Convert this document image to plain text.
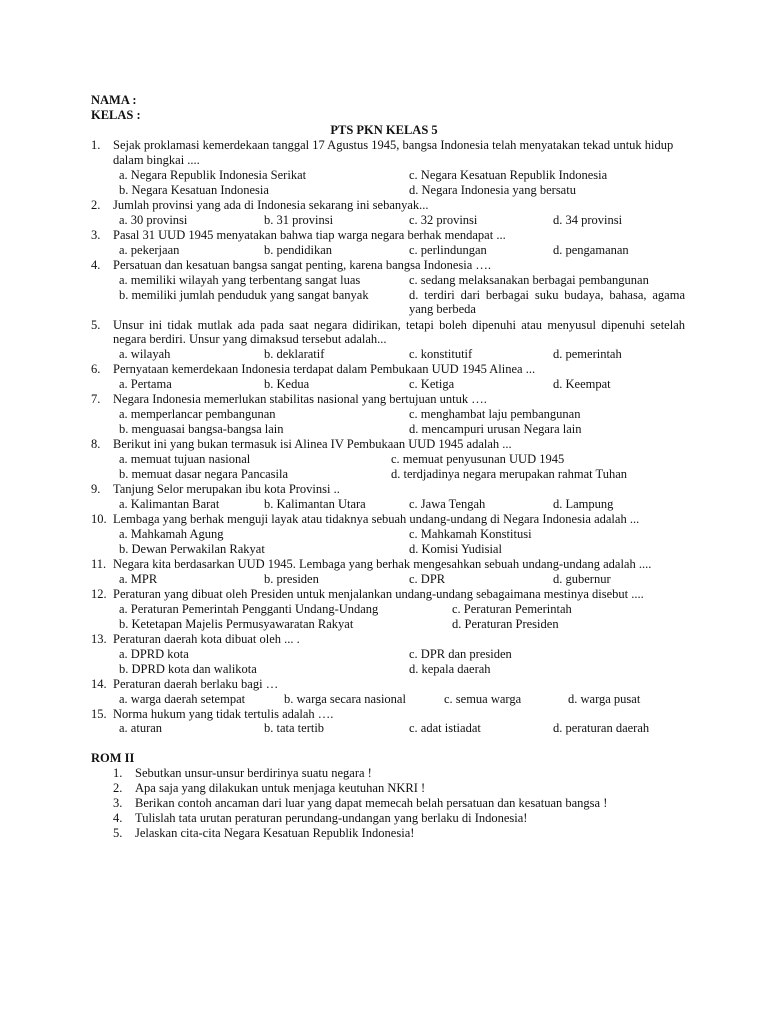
NAMA :
KELAS :
PTS PKN KELAS 5
1. Sejak proklamasi kemerdekaan tanggal 17 Agustus 1945, bangsa Indonesia telah menyatakan tekad untuk hidup dalam bingkai ....
a. Negara Republik Indonesia Serikat	c. Negara Kesatuan Republik Indonesia
b. Negara Kesatuan Indonesia	d. Negara Indonesia yang bersatu
2. Jumlah provinsi yang ada di Indonesia sekarang ini sebanyak...
a. 30 provinsi	b. 31 provinsi	c. 32 provinsi	d. 34 provinsi
3. Pasal 31 UUD 1945 menyatakan bahwa tiap warga negara berhak mendapat ...
a. pekerjaan	b. pendidikan	c. perlindungan	d. pengamanan
4. Persatuan dan kesatuan bangsa sangat penting, karena bangsa Indonesia ….
a. memiliki wilayah yang terbentang sangat luas	c. sedang melaksanakan berbagai pembangunan
b. memiliki jumlah penduduk yang sangat banyak	d. terdiri dari berbagai suku budaya, bahasa, agama yang berbeda
5. Unsur ini tidak mutlak ada pada saat negara didirikan, tetapi boleh dipenuhi atau menyusul dipenuhi setelah negara berdiri. Unsur yang dimaksud tersebut adalah...
a. wilayah	b. deklaratif	c. konstitutif	d. pemerintah
6. Pernyataan kemerdekaan Indonesia terdapat dalam Pembukaan UUD 1945 Alinea ...
a. Pertama	b. Kedua	c. Ketiga	d. Keempat
7. Negara Indonesia memerlukan stabilitas nasional yang bertujuan untuk ….
a. memperlancar pembangunan	c. menghambat laju pembangunan
b. menguasai bangsa-bangsa lain	d. mencampuri urusan Negara lain
8. Berikut ini yang bukan termasuk isi Alinea IV Pembukaan UUD 1945 adalah ...
a. memuat tujuan nasional	c. memuat penyusunan UUD 1945
b. memuat dasar negara Pancasila	d. terdjadinya negara merupakan rahmat Tuhan
9. Tanjung Selor merupakan ibu kota Provinsi ..
a. Kalimantan Barat	b. Kalimantan Utara	c. Jawa Tengah	d. Lampung
10. Lembaga yang berhak menguji layak atau tidaknya sebuah undang-undang di Negara Indonesia adalah ...
a. Mahkamah Agung	c. Mahkamah Konstitusi
b. Dewan Perwakilan Rakyat	d. Komisi Yudisial
11. Negara kita berdasarkan UUD 1945. Lembaga yang berhak mengesahkan sebuah undang-undang adalah ....
a. MPR	b. presiden	c. DPR	d. gubernur
12. Peraturan yang dibuat oleh Presiden untuk menjalankan undang-undang sebagaimana mestinya disebut ....
a. Peraturan Pemerintah Pengganti Undang-Undang	c. Peraturan Pemerintah
b. Ketetapan Majelis Permusyawaratan Rakyat	d. Peraturan Presiden
13. Peraturan daerah kota dibuat oleh ... .
a. DPRD kota	c. DPR dan presiden
b. DPRD kota dan walikota	d. kepala daerah
14. Peraturan daerah berlaku bagi …
a. warga daerah setempat	b. warga secara nasional	c. semua warga	d. warga pusat
15. Norma hukum yang tidak tertulis adalah ….
a. aturan	b. tata tertib	c. adat istiadat	d. peraturan daerah
ROM II
1. Sebutkan unsur-unsur berdirinya suatu negara !
2. Apa saja yang dilakukan untuk menjaga keutuhan NKRI !
3. Berikan contoh ancaman dari luar yang dapat memecah belah persatuan dan kesatuan bangsa !
4. Tulislah tata urutan peraturan perundang-undangan yang berlaku di Indonesia!
5. Jelaskan cita-cita Negara Kesatuan Republik Indonesia!
